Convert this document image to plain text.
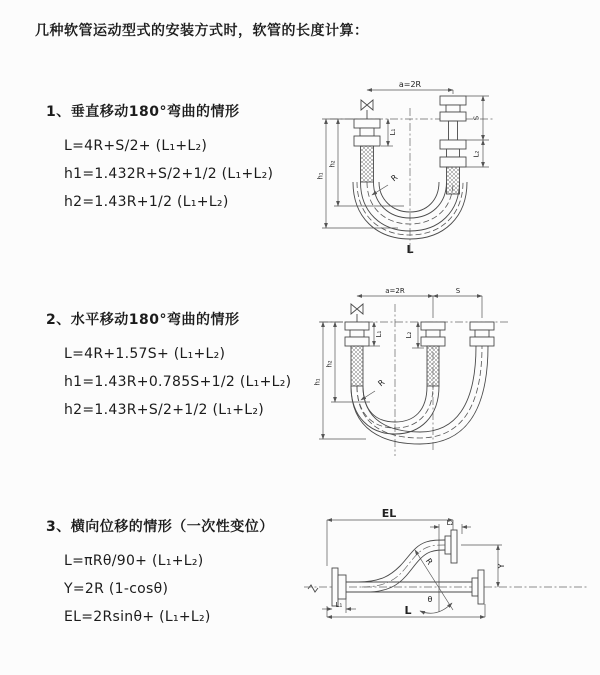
几种软管运动型式的安装方式时，软管的长度计算：

1、垂直移动180°弯曲的情形

L=4R+S/2+ (L₁+L₂)

h1=1.432R+S/2+1/2 (L₁+L₂)

h2=1.43R+1/2 (L₁+L₂)

2、水平移动180°弯曲的情形

L=4R+1.57S+ (L₁+L₂)

h1=1.43R+0.785S+1/2 (L₁+L₂)

h2=1.43R+S/2+1/2 (L₁+L₂)

3、横向位移的情形（一次性变位）

L=πRθ/90+ (L₁+L₂)

Y=2R (1-cosθ)

EL=2Rsinθ+ (L₁+L₂)

a=2R
S
L₂
h₁
h₂
L₁
R
L
a=2R	S
h₁
h₂
L₁	L₂
R
EL
L₂
Y
R
θ
L₁	L
